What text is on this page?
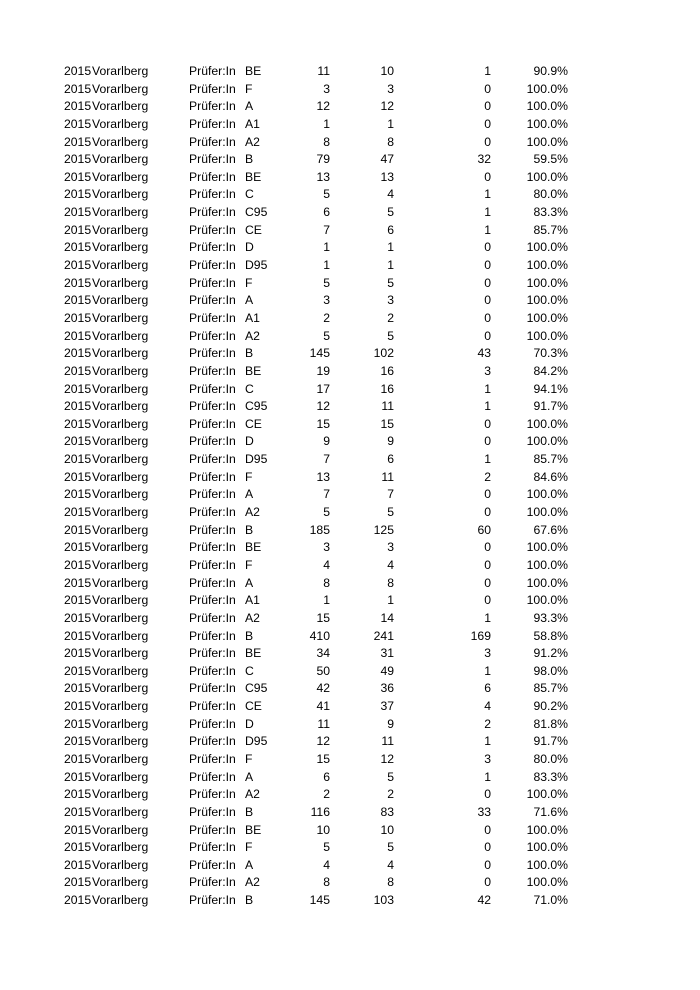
2015 Vorarlberg	Prüfer:In BE	11	10	1	90.9%
2015 Vorarlberg	Prüfer:In F	3	3	0	100.0%
2015 Vorarlberg	Prüfer:In A	12	12	0	100.0%
2015 Vorarlberg	Prüfer:In A1	1	1	0	100.0%
2015 Vorarlberg	Prüfer:In A2	8	8	0	100.0%
2015 Vorarlberg	Prüfer:In B	79	47	32	59.5%
2015 Vorarlberg	Prüfer:In BE	13	13	0	100.0%
2015 Vorarlberg	Prüfer:In C	5	4	1	80.0%
2015 Vorarlberg	Prüfer:In C95	6	5	1	83.3%
2015 Vorarlberg	Prüfer:In CE	7	6	1	85.7%
2015 Vorarlberg	Prüfer:In D	1	1	0	100.0%
2015 Vorarlberg	Prüfer:In D95	1	1	0	100.0%
2015 Vorarlberg	Prüfer:In F	5	5	0	100.0%
2015 Vorarlberg	Prüfer:In A	3	3	0	100.0%
2015 Vorarlberg	Prüfer:In A1	2	2	0	100.0%
2015 Vorarlberg	Prüfer:In A2	5	5	0	100.0%
2015 Vorarlberg	Prüfer:In B	145	102	43	70.3%
2015 Vorarlberg	Prüfer:In BE	19	16	3	84.2%
2015 Vorarlberg	Prüfer:In C	17	16	1	94.1%
2015 Vorarlberg	Prüfer:In C95	12	11	1	91.7%
2015 Vorarlberg	Prüfer:In CE	15	15	0	100.0%
2015 Vorarlberg	Prüfer:In D	9	9	0	100.0%
2015 Vorarlberg	Prüfer:In D95	7	6	1	85.7%
2015 Vorarlberg	Prüfer:In F	13	11	2	84.6%
2015 Vorarlberg	Prüfer:In A	7	7	0	100.0%
2015 Vorarlberg	Prüfer:In A2	5	5	0	100.0%
2015 Vorarlberg	Prüfer:In B	185	125	60	67.6%
2015 Vorarlberg	Prüfer:In BE	3	3	0	100.0%
2015 Vorarlberg	Prüfer:In F	4	4	0	100.0%
2015 Vorarlberg	Prüfer:In A	8	8	0	100.0%
2015 Vorarlberg	Prüfer:In A1	1	1	0	100.0%
2015 Vorarlberg	Prüfer:In A2	15	14	1	93.3%
2015 Vorarlberg	Prüfer:In B	410	241	169	58.8%
2015 Vorarlberg	Prüfer:In BE	34	31	3	91.2%
2015 Vorarlberg	Prüfer:In C	50	49	1	98.0%
2015 Vorarlberg	Prüfer:In C95	42	36	6	85.7%
2015 Vorarlberg	Prüfer:In CE	41	37	4	90.2%
2015 Vorarlberg	Prüfer:In D	11	9	2	81.8%
2015 Vorarlberg	Prüfer:In D95	12	11	1	91.7%
2015 Vorarlberg	Prüfer:In F	15	12	3	80.0%
2015 Vorarlberg	Prüfer:In A	6	5	1	83.3%
2015 Vorarlberg	Prüfer:In A2	2	2	0	100.0%
2015 Vorarlberg	Prüfer:In B	116	83	33	71.6%
2015 Vorarlberg	Prüfer:In BE	10	10	0	100.0%
2015 Vorarlberg	Prüfer:In F	5	5	0	100.0%
2015 Vorarlberg	Prüfer:In A	4	4	0	100.0%
2015 Vorarlberg	Prüfer:In A2	8	8	0	100.0%
2015 Vorarlberg	Prüfer:In B	145	103	42	71.0%
